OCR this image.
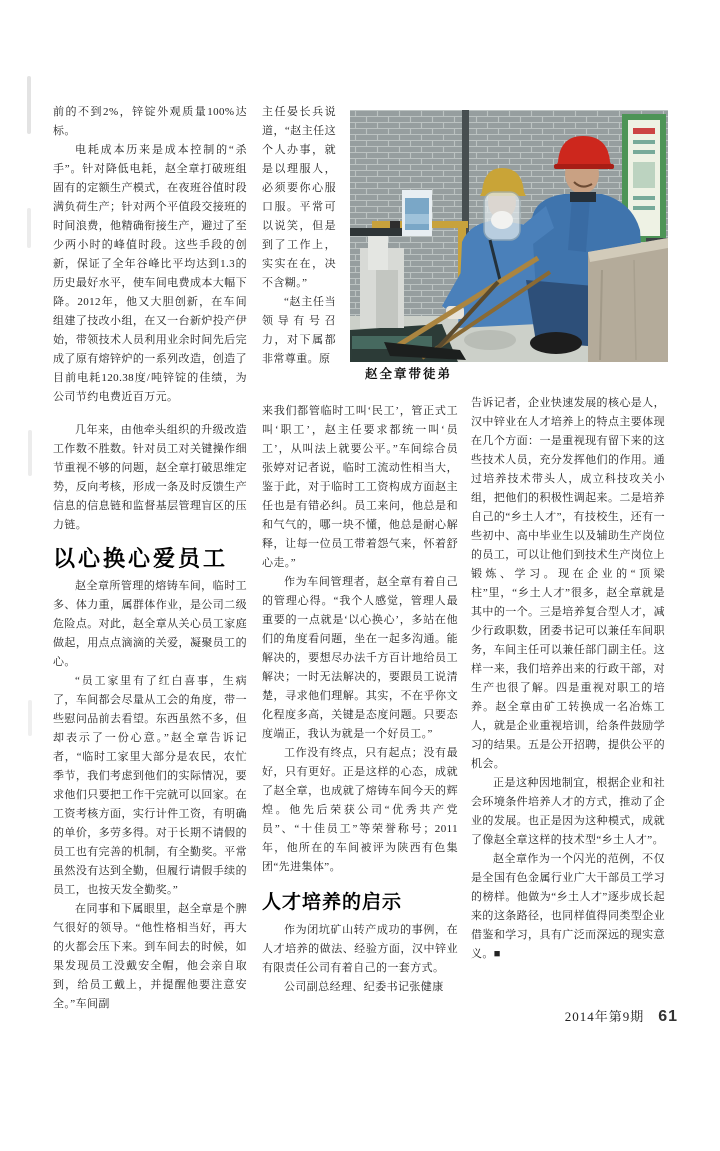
前的不到2%，锌锭外观质量100%达标。

电耗成本历来是成本控制的“杀手”。针对降低电耗，赵全章打破班组固有的定额生产模式，在夜班谷值时段满负荷生产；针对两个平值段交接班的时间浪费，他精确衔接生产，避过了至少两小时的峰值时段。这些手段的创新，保证了全年谷峰比平均达到1.3的历史最好水平，使车间电费成本大幅下降。2012年，他又大胆创新，在车间组建了技改小组，在又一台新炉投产伊始，带领技术人员利用业余时间先后完成了原有熔锌炉的一系列改造，创造了目前电耗120.38度/吨锌锭的佳绩，为公司节约电费近百万元。

几年来，由他牵头组织的升级改造工作数不胜数。针对员工对关键操作细节重视不够的问题，赵全章打破思维定势，反向考核，形成一条及时反馈生产信息的信息链和监督基层管理盲区的压力链。

以心换心爱员工

赵全章所管理的熔铸车间，临时工多、体力重，属群体作业，是公司二级危险点。对此，赵全章从关心员工家庭做起，用点点滴滴的关爱，凝聚员工的心。

“员工家里有了红白喜事，生病了，车间都会尽量从工会的角度，带一些慰问品前去看望。东西虽然不多，但却表示了一份心意。”赵全章告诉记者，“临时工家里大部分是农民，农忙季节，我们考虑到他们的实际情况，要求他们只要把工作干完就可以回家。在工资考核方面，实行计件工资，有明确的单价，多劳多得。对于长期不请假的员工也有完善的机制，有全勤奖。平常虽然没有达到全勤，但履行请假手续的员工，也按天发全勤奖。”

在同事和下属眼里，赵全章是个脾气很好的领导。“他性格相当好，再大的火都会压下来。到车间去的时候，如果发现员工没戴安全帽，他会亲自取到，给员工戴上，并提醒他要注意安全。”车间副

主任晏长兵说道，“赵主任这个人办事，就是以理服人，必须要你心服口服。平常可以说笑，但是到了工作上，实实在在，决不含糊。”

“赵主任当领导有号召力，对下属都非常尊重。原

赵全章带徒弟

来我们都管临时工叫‘民工’，管正式工叫‘职工’，赵主任要求都统一叫‘员工’，从叫法上就要公平。”车间综合员张婷对记者说，临时工流动性相当大，鉴于此，对于临时工工资构成方面赵主任也是有错必纠。员工来问，他总是和和气气的，哪一块不懂，他总是耐心解释，让每一位员工带着怨气来，怀着舒心走。”

作为车间管理者，赵全章有着自己的管理心得。“我个人感觉，管理人最重要的一点就是‘以心换心’，多站在他们的角度看问题，坐在一起多沟通。能解决的，要想尽办法千方百计地给员工解决；一时无法解决的，要跟员工说清楚，寻求他们理解。其实，不在乎你文化程度多高，关键是态度问题。只要态度端正，我认为就是一个好员工。”

工作没有终点，只有起点；没有最好，只有更好。正是这样的心态，成就了赵全章，也成就了熔铸车间今天的辉煌。他先后荣获公司“优秀共产党员”、“十佳员工”等荣誉称号；2011年，他所在的车间被评为陕西有色集团“先进集体”。

人才培养的启示

作为闭坑矿山转产成功的事例，在人才培养的做法、经验方面，汉中锌业有限责任公司有着自己的一套方式。

公司副总经理、纪委书记张健康

告诉记者，企业快速发展的核心是人，汉中锌业在人才培养上的特点主要体现在几个方面：一是重视现有留下来的这些技术人员，充分发挥他们的作用。通过培养技术带头人，成立科技攻关小组，把他们的积极性调起来。二是培养自己的“乡土人才”，有技校生，还有一些初中、高中毕业生以及辅助生产岗位的员工，可以让他们到技术生产岗位上锻炼、学习。现在企业的“顶梁柱”里，“乡土人才”很多，赵全章就是其中的一个。三是培养复合型人才，减少行政职数，团委书记可以兼任车间职务，车间主任可以兼任部门副主任。这样一来，我们培养出来的行政干部，对生产也很了解。四是重视对职工的培养。赵全章由矿工转换成一名冶炼工人，就是企业重视培训，给条件鼓励学习的结果。五是公开招聘，提供公平的机会。

正是这种因地制宜，根据企业和社会环境条件培养人才的方式，推动了企业的发展。也正是因为这种模式，成就了像赵全章这样的技术型“乡土人才”。

赵全章作为一个闪光的范例，不仅是全国有色金属行业广大干部员工学习的榜样。他做为“乡土人才”逐步成长起来的这条路径，也同样值得同类型企业借鉴和学习，具有广泛而深远的现实意义。■

2014年第9期 61
